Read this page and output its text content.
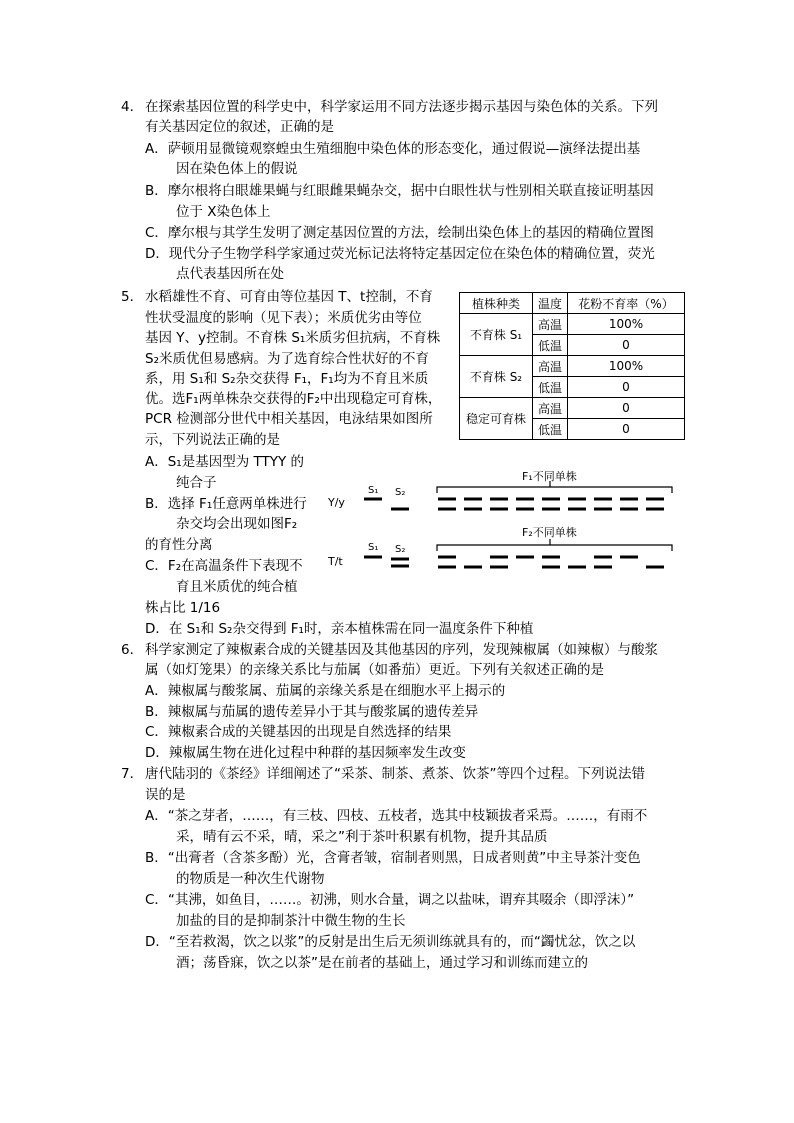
4． 在探索基因位置的科学史中，科学家运用不同方法逐步揭示基因与染色体的关系。下列
有关基因定位的叙述，正确的是
A．萨顿用显微镜观察蝗虫生殖细胞中染色体的形态变化，通过假说—演绎法提出基
因在染色体上的假说
B．摩尔根将白眼雄果蝇与红眼雌果蝇杂交，据中白眼性状与性别相关联直接证明基因
位于 X染色体上
C．摩尔根与其学生发明了测定基因位置的方法，绘制出染色体上的基因的精确位置图
D．现代分子生物学科学家通过荧光标记法将特定基因定位在染色体的精确位置，荧光
点代表基因所在处
5． 水稻雄性不育、可育由等位基因 T、t控制，不育
性状受温度的影响（见下表）；米质优劣由等位
基因 Y、y控制。不育株 S₁米质劣但抗病，不育株
S₂米质优但易感病。为了选育综合性状好的不育
系，用 S₁和 S₂杂交获得 F₁，F₁均为不育且米质
优。选F₁两单株杂交获得的F₂中出现稳定可育株，
PCR 检测部分世代中相关基因，电泳结果如图所
示，下列说法正确的是
A．S₁是基因型为 TTYY 的
纯合子
B．选择 F₁任意两单株进行
杂交均会出现如图F₂
的育性分离
C．F₂在高温条件下表现不
育且米质优的纯合植
株占比 1/16
D．在 S₁和 S₂杂交得到 F₁时，亲本植株需在同一温度条件下种植
植株种类	温度	花粉不育率（%）
不育株 S₁	高温	100%
	低温	0
不育株 S₂	高温	100%
	低温	0
稳定可育株	高温	0
	低温	0
Y/y
T/t
S₁ S₂
S₁ S₂
F₁不同单株
F₂不同单株
6． 科学家测定了辣椒素合成的关键基因及其他基因的序列，发现辣椒属（如辣椒）与酸浆
属（如灯笼果）的亲缘关系比与茄属（如番茄）更近。下列有关叙述正确的是
A．辣椒属与酸浆属、茄属的亲缘关系是在细胞水平上揭示的
B．辣椒属与茄属的遗传差异小于其与酸浆属的遗传差异
C．辣椒素合成的关键基因的出现是自然选择的结果
D．辣椒属生物在进化过程中种群的基因频率发生改变
7． 唐代陆羽的《茶经》详细阐述了“采茶、制茶、煮茶、饮茶”等四个过程。下列说法错
误的是
A．“茶之芽者，……，有三枝、四枝、五枝者，选其中枝颖拔者采焉。……，有雨不
采，晴有云不采，晴，采之”利于茶叶积累有机物，提升其品质
B．“出膏者（含茶多酚）光，含膏者皱，宿制者则黑，日成者则黄”中主导茶汁变色
的物质是一种次生代谢物
C．“其沸，如鱼目，……。初沸，则水合量，调之以盐味，谓弃其啜余（即浮沫）”
加盐的目的是抑制茶汁中微生物的生长
D．“至若救渴，饮之以浆”的反射是出生后无须训练就具有的，而“蠲忧忿，饮之以
酒；荡昏寐，饮之以茶”是在前者的基础上，通过学习和训练而建立的
